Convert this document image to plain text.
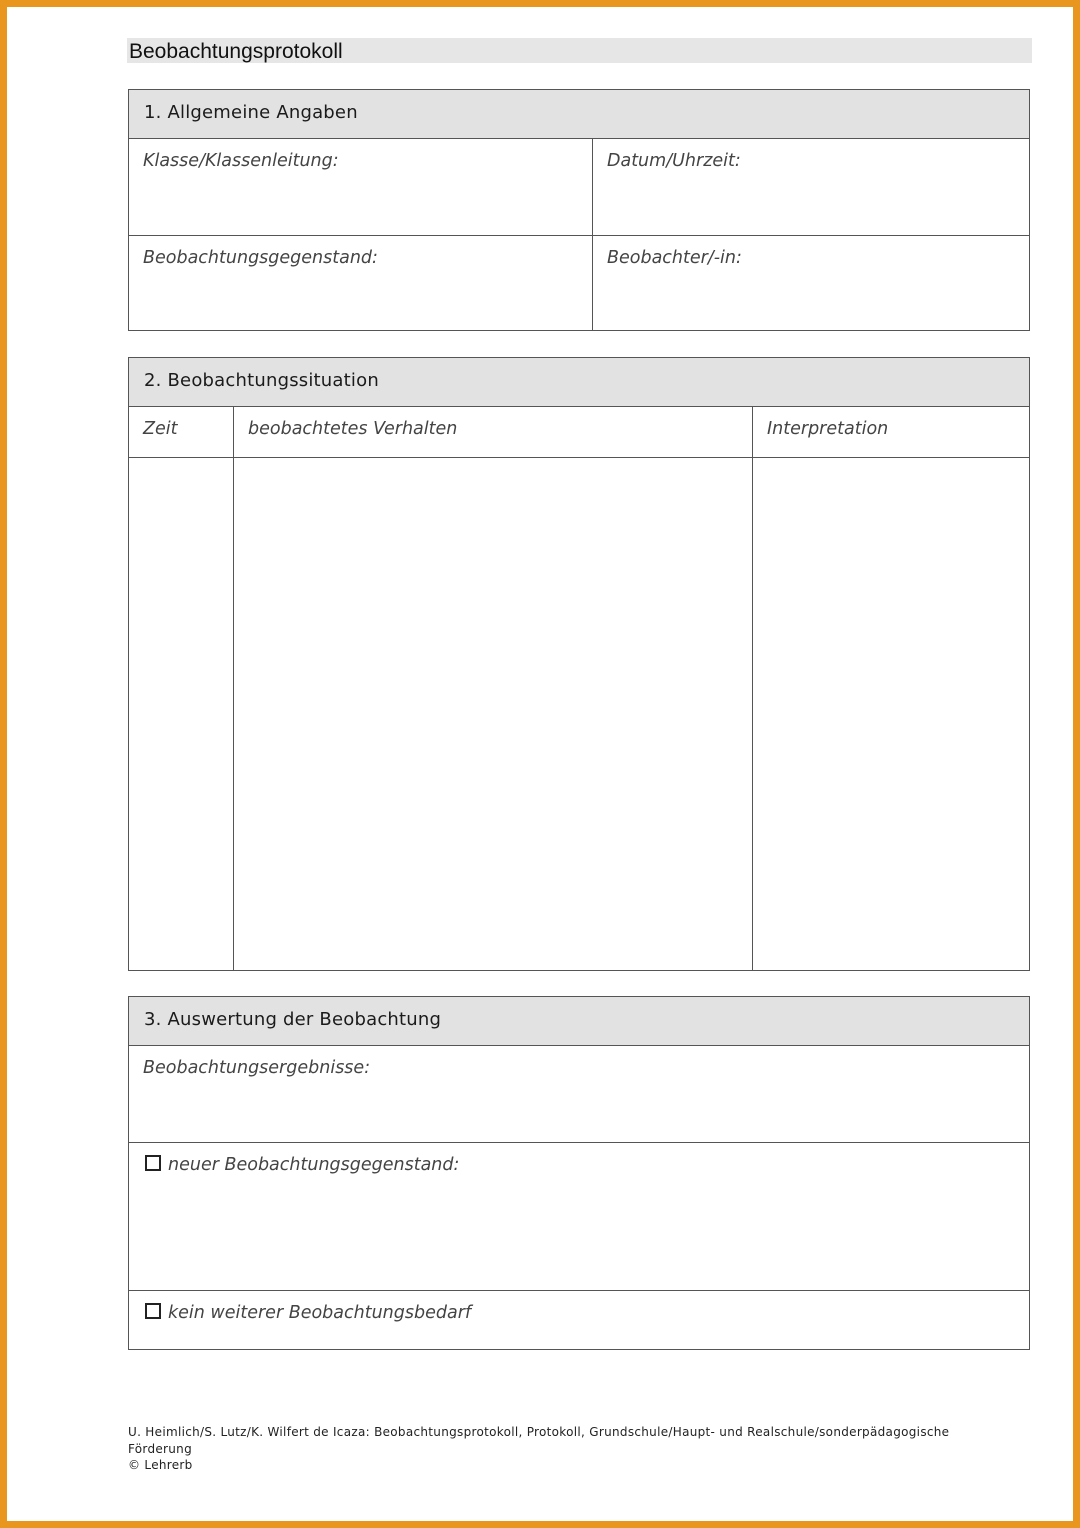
Beobachtungsprotokoll
1. Allgemeine Angaben
Klasse/Klassenleitung:	Datum/Uhrzeit:
Beobachtungsgegenstand:	Beobachter/-in:
2. Beobachtungssituation
Zeit	beobachtetes Verhalten	Interpretation
3. Auswertung der Beobachtung
Beobachtungsergebnisse:
neuer Beobachtungsgegenstand:
kein weiterer Beobachtungsbedarf
U. Heimlich/S. Lutz/K. Wilfert de Icaza: Beobachtungsprotokoll, Protokoll, Grundschule/Haupt- und Realschule/sonderpädagogische Förderung
© Lehrerb
